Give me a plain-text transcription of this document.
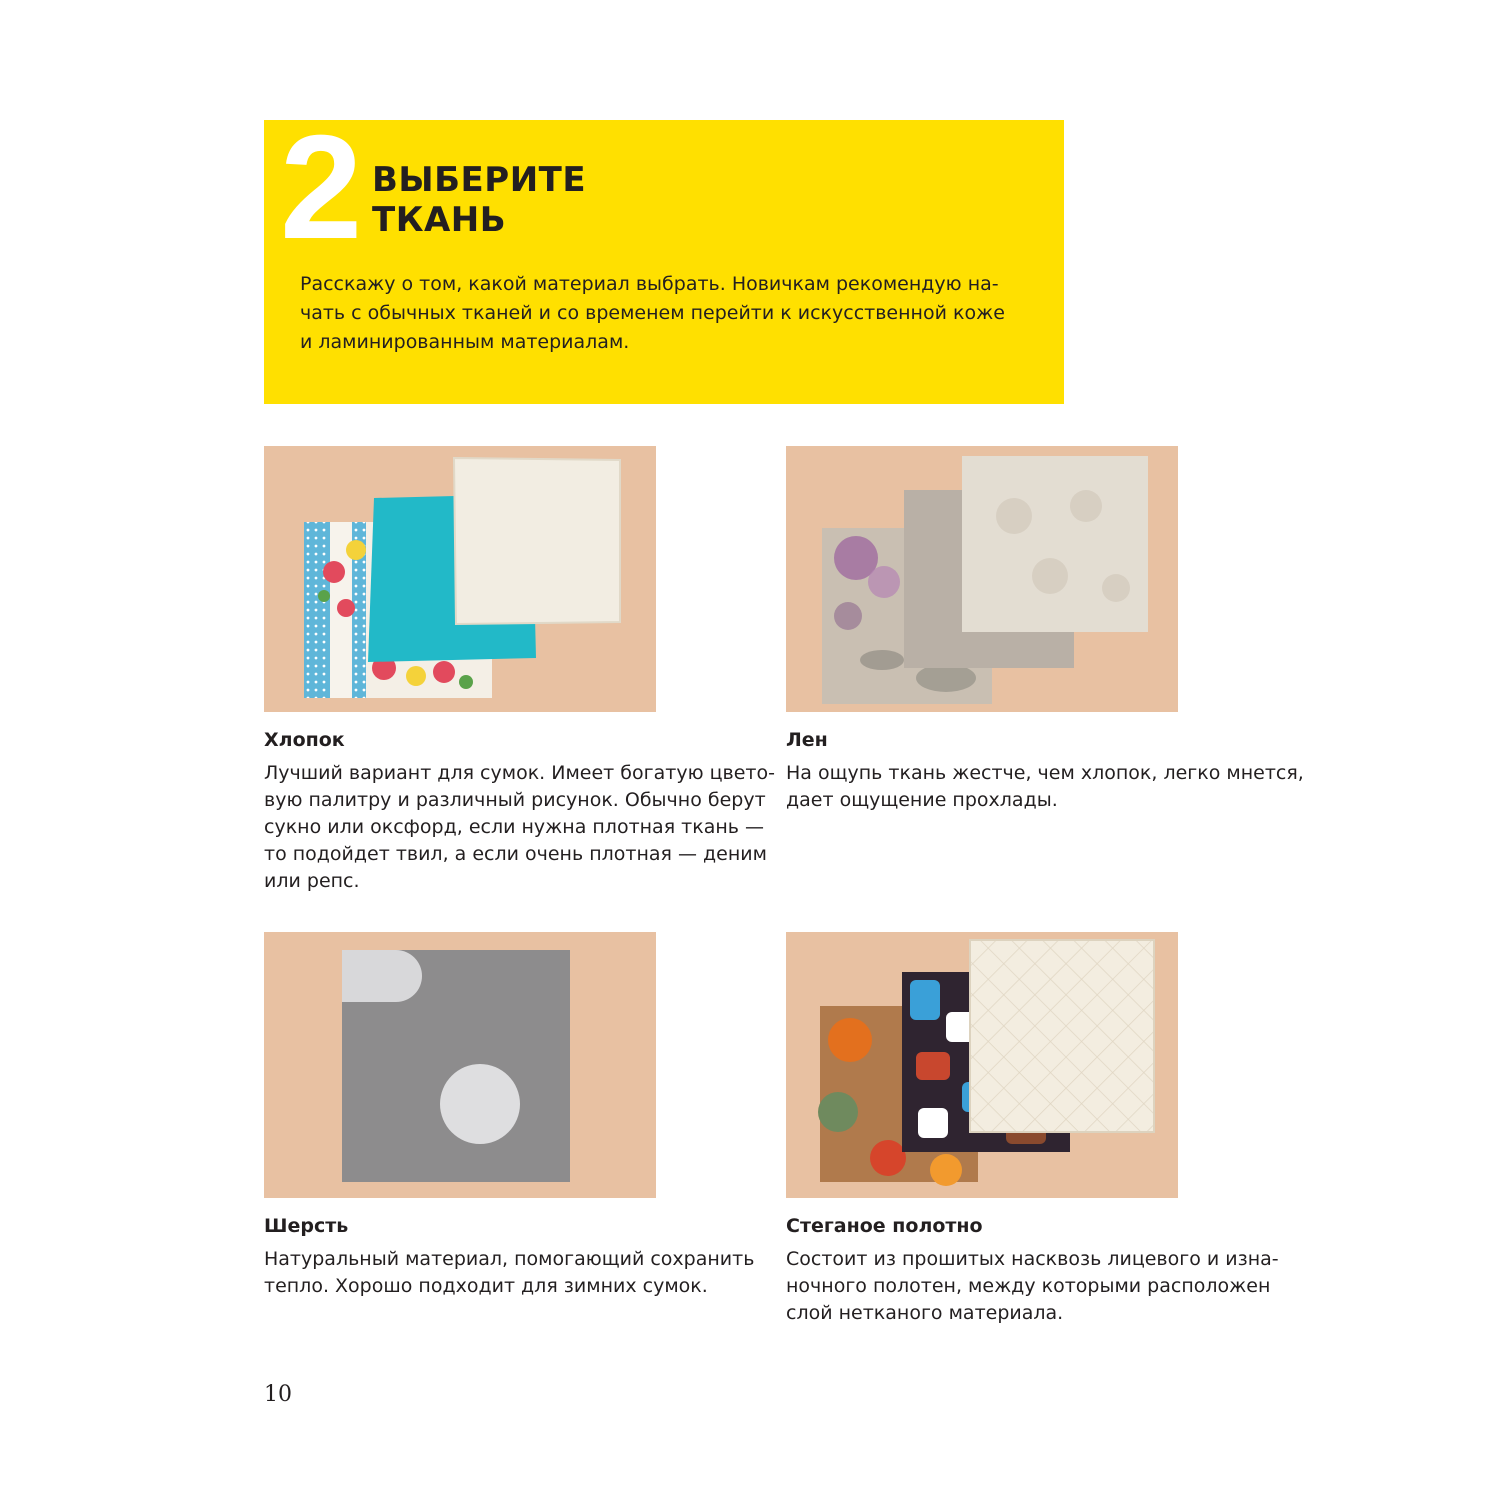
2 ВЫБЕРИТЕ
ТКАНЬ
Расскажу о том, какой материал выбрать. Новичкам рекомендую на-
чать с обычных тканей и со временем перейти к искусственной коже
и ламинированным материалам.
Хлопок
Лучший вариант для сумок. Имеет богатую цвето-
вую палитру и различный рисунок. Обычно берут
сукно или оксфорд, если нужна плотная ткань —
то подойдет твил, а если очень плотная — деним
или репс.
Лен
На ощупь ткань жестче, чем хлопок, легко мнется,
дает ощущение прохлады.
Шерсть
Натуральный материал, помогающий сохранить
тепло. Хорошо подходит для зимних сумок.
Стеганое полотно
Состоит из прошитых насквозь лицевого и изна-
ночного полотен, между которыми расположен
слой нетканого материала.
10
